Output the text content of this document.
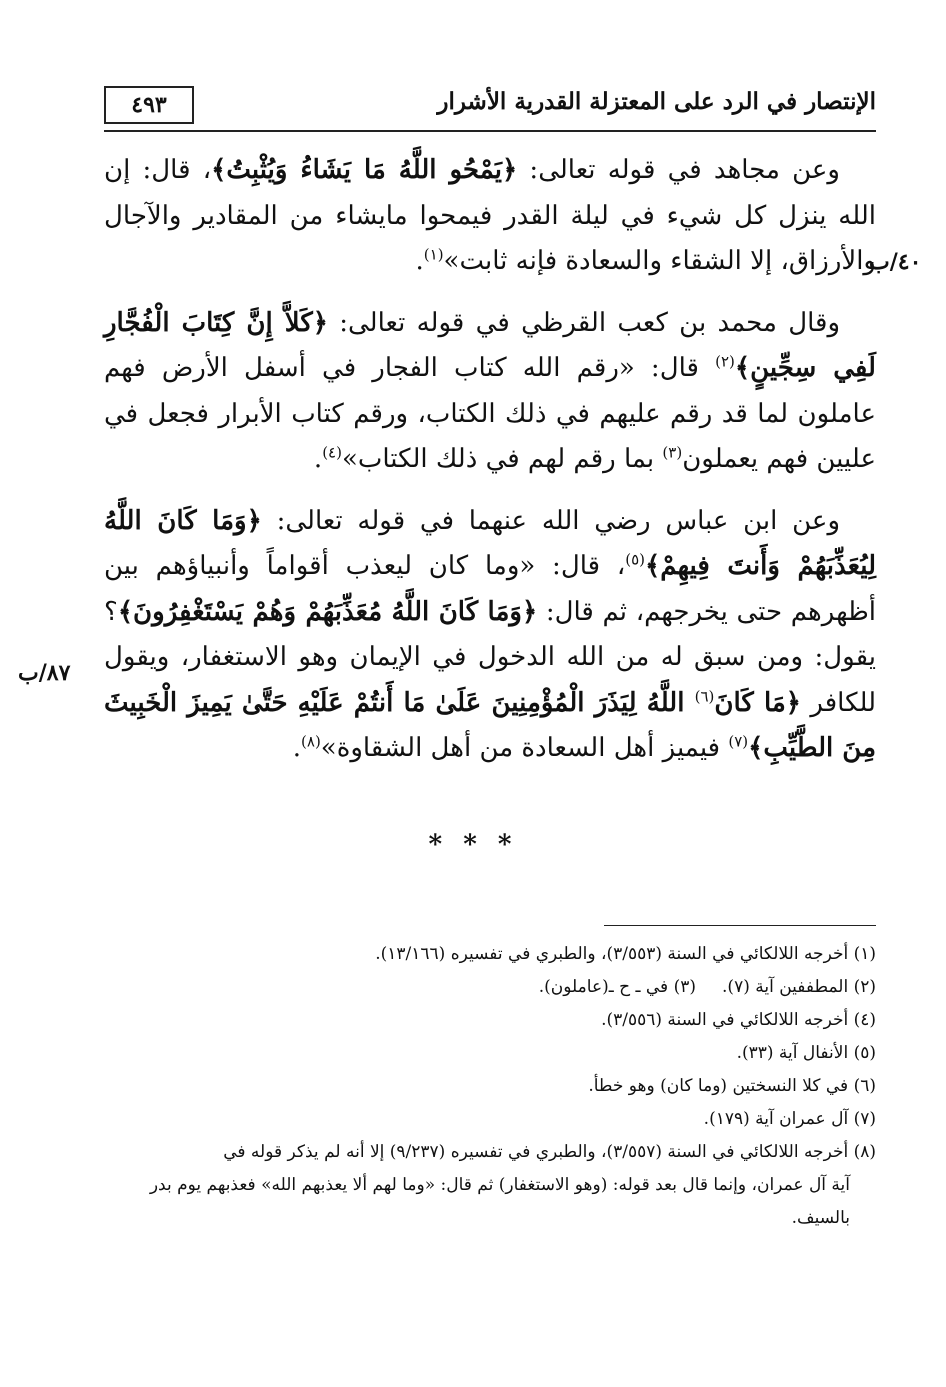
٤٩٣	الإنتصار في الرد على المعتزلة القدرية الأشرار
٤٠/ب
٨٧/ب

وعن مجاهد في قوله تعالى: ﴿يَمْحُو اللَّهُ مَا يَشَاءُ وَيُثْبِتُ﴾، قال: إن الله ينزل كل شيء في ليلة القدر فيمحوا مايشاء من المقادير والآجال والأرزاق، إلا الشقاء والسعادة فإنه ثابت»$^{(١)}$.

وقال محمد بن كعب القرظي في قوله تعالى: ﴿كَلاَّ إِنَّ كِتَابَ الْفُجَّارِ لَفِي سِجِّينٍ﴾$^{(٢)}$ قال: «رقم الله كتاب الفجار في أسفل الأرض فهم عاملون لما قد رقم عليهم في ذلك الكتاب، ورقم كتاب الأبرار فجعل في عليين فهم يعملون$^{(٣)}$ بما رقم لهم في ذلك الكتاب»$^{(٤)}$.

وعن ابن عباس رضي الله عنهما في قوله تعالى: ﴿وَمَا كَانَ اللَّهُ لِيُعَذِّبَهُمْ وَأَنتَ فِيهِمْ﴾$^{(٥)}$، قال: «وما كان ليعذب أقواماً وأنبياؤهم بين أظهرهم حتى يخرجهم، ثم قال: ﴿وَمَا كَانَ اللَّهُ مُعَذِّبَهُمْ وَهُمْ يَسْتَغْفِرُونَ﴾؟ يقول: ومن سبق له من الله الدخول في الإيمان وهو الاستغفار، ويقول للكافر ﴿مَا كَانَ$^{(٦)}$ اللَّهُ لِيَذَرَ الْمُؤْمِنِينَ عَلَىٰ مَا أَنتُمْ عَلَيْهِ حَتَّىٰ يَمِيزَ الْخَبِيثَ مِنَ الطَّيِّبِ﴾$^{(٧)}$ فيميز أهل السعادة من أهل الشقاوة»$^{(٨)}$.

* * *

(١) أخرجه اللالكائي في السنة (٣/٥٥٣)، والطبري في تفسيره (١٣/١٦٦).

(٢) المطففين آية (٧).
(٣) في ـ ح ـ(عاملون).

(٤) أخرجه اللالكائي في السنة (٣/٥٥٦).

(٥) الأنفال آية (٣٣).

(٦) في كلا النسختين (وما كان) وهو خطأ.

(٧) آل عمران آية (١٧٩).

(٨) أخرجه اللالكائي في السنة (٣/٥٥٧)، والطبري في تفسيره (٩/٢٣٧) إلا أنه لم يذكر قوله في

آية آل عمران، وإنما قال بعد قوله: (وهو الاستغفار) ثم قال: «وما لهم ألا يعذبهم الله» فعذبهم يوم بدر بالسيف.
